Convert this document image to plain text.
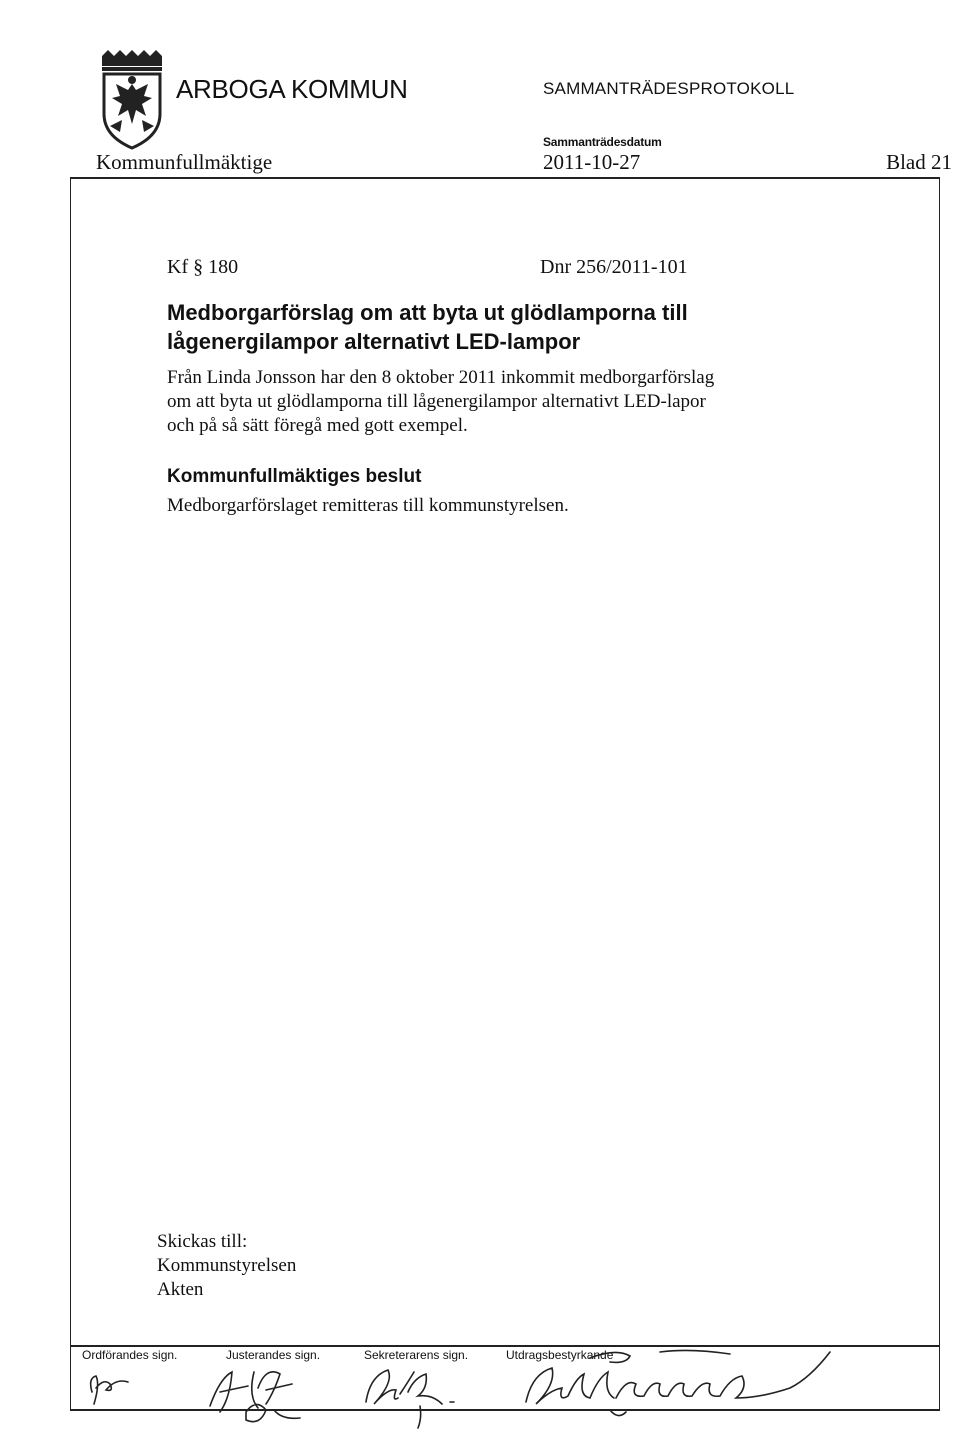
ARBOGA KOMMUN	SAMMANTRÄDESPROTOKOLL
Sammanträdesdatum
Kommunfullmäktige	2011-10-27	Blad 21
Kf § 180	Dnr 256/2011-101
Medborgarförslag om att byta ut glödlamporna till lågenergilampor alternativt LED-lampor
Från Linda Jonsson har den 8 oktober 2011 inkommit medborgarförslag
om att byta ut glödlamporna till lågenergilampor alternativt LED-lapor
och på så sätt föregå med gott exempel.
Kommunfullmäktiges beslut
Medborgarförslaget remitteras till kommunstyrelsen.
Skickas till:
Kommunstyrelsen
Akten
Ordförandes sign.	Justerandes sign.	Sekreterarens sign.	Utdragsbestyrkande
